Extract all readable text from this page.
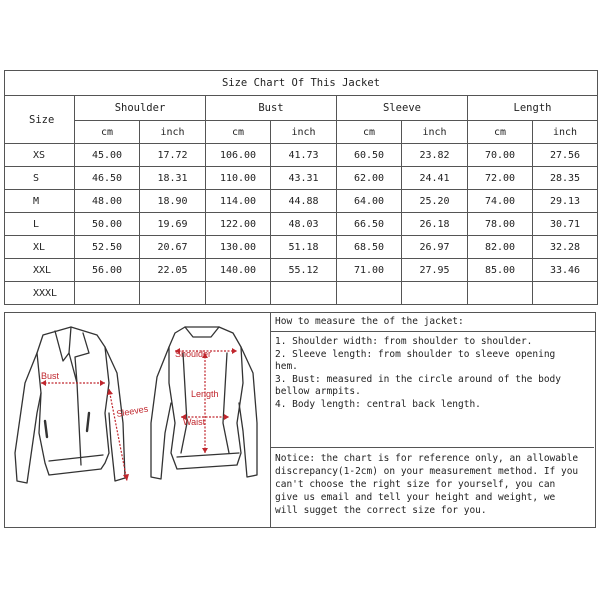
Size Chart Of This Jacket								
Size	Shoulder		Bust		Sleeve		Length	
	cm	inch	cm	inch	cm	inch	cm	inch
XS	45.00	17.72	106.00	41.73	60.50	23.82	70.00	27.56
S	46.50	18.31	110.00	43.31	62.00	24.41	72.00	28.35
M	48.00	18.90	114.00	44.88	64.00	25.20	74.00	29.13
L	50.00	19.69	122.00	48.03	66.50	26.18	78.00	30.71
XL	52.50	20.67	130.00	51.18	68.50	26.97	82.00	32.28
XXL	56.00	22.05	140.00	55.12	71.00	27.95	85.00	33.46
XXXL								
Bust
Sleeves
Shoulder
Length
Waist
How to measure the of the jacket:
1. Shoulder width: from shoulder to shoulder.
2. Sleeve length: from shoulder to sleeve opening
hem.
3. Bust: measured in the circle around of the body
bellow armpits.
4. Body length: central back length.
Notice: the chart is for reference only, an allowable
discrepancy(1-2cm) on your measurement method. If you
can't choose the right size for yourself, you can
give us email and tell your height and weight, we
will sugget the correct size for you.
